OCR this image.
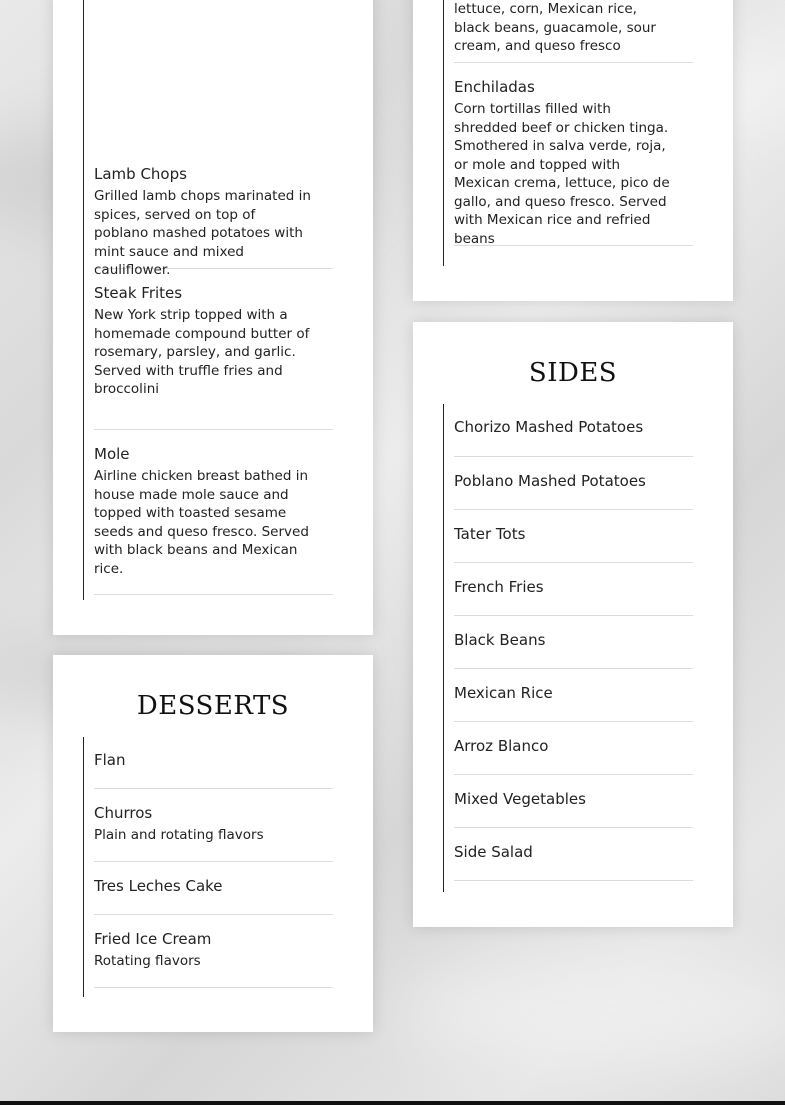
Lamb Chops
Grilled lamb chops marinated in spices, served on top of poblano mashed potatoes with mint sauce and mixed cauliflower.
Steak Frites
New York strip topped with a homemade compound butter of rosemary, parsley, and garlic. Served with truffle fries and broccolini
Mole
Airline chicken breast bathed in house made mole sauce and topped with toasted sesame seeds and queso fresco. Served with black beans and Mexican rice.
lettuce, corn, Mexican rice, black beans, guacamole, sour cream, and queso fresco
Enchiladas
Corn tortillas filled with shredded beef or chicken tinga. Smothered in salva verde, roja, or mole and topped with Mexican crema, lettuce, pico de gallo, and queso fresco. Served with Mexican rice and refried beans
DESSERTS
Flan
Churros
Plain and rotating flavors
Tres Leches Cake
Fried Ice Cream
Rotating flavors
SIDES
Chorizo Mashed Potatoes
Poblano Mashed Potatoes
Tater Tots
French Fries
Black Beans
Mexican Rice
Arroz Blanco
Mixed Vegetables
Side Salad
